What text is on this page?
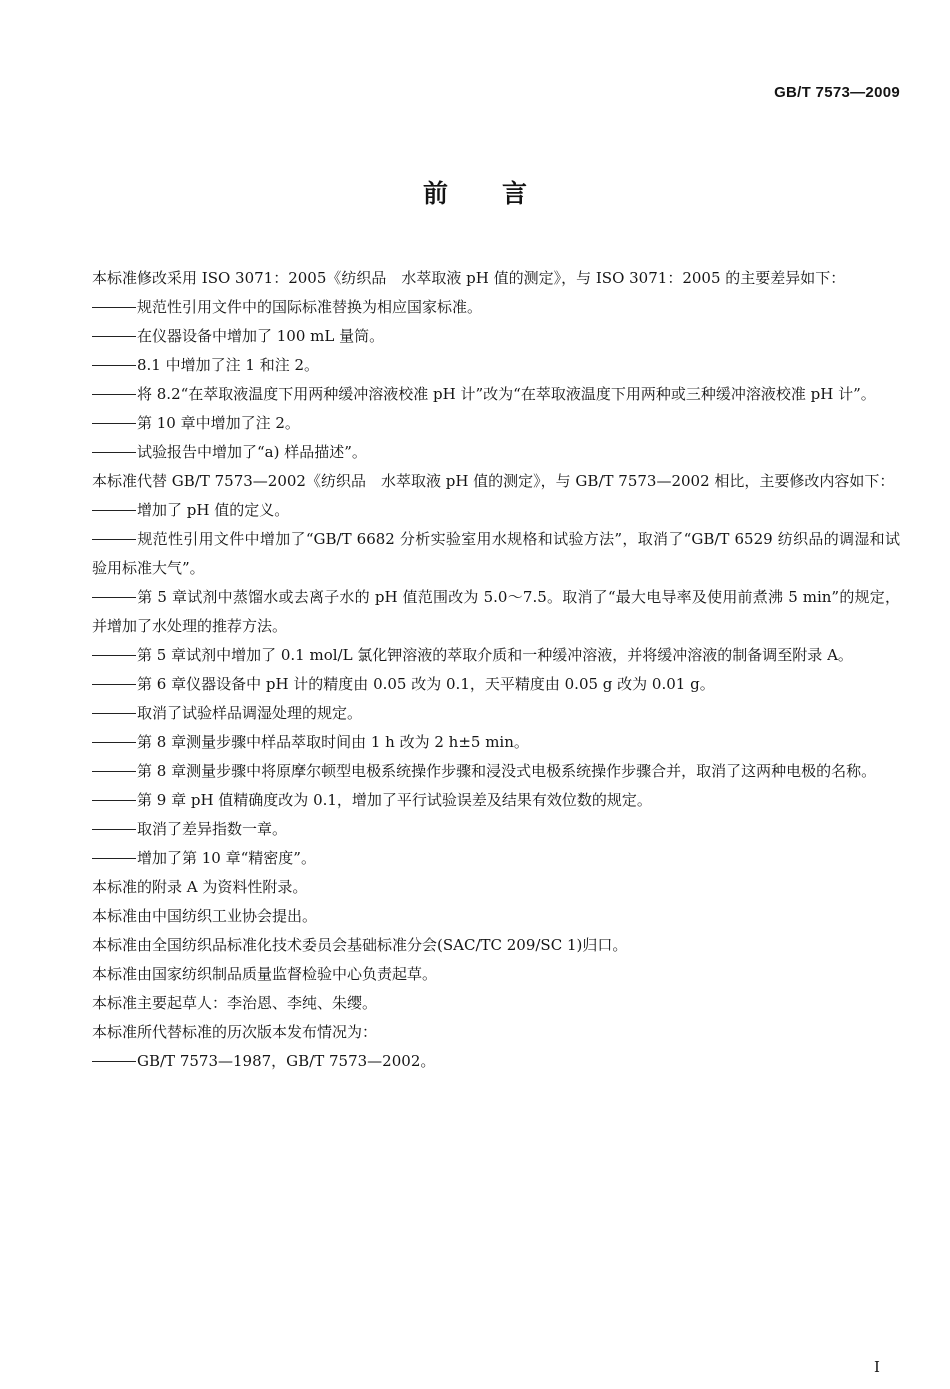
GB/T 7573—2009
前 言

本标准修改采用 ISO 3071：2005《纺织品　水萃取液 pH 值的测定》，与 ISO 3071：2005 的主要差异如下：

规范性引用文件中的国际标准替换为相应国家标准。

在仪器设备中增加了 100 mL 量筒。

8.1 中增加了注 1 和注 2。

将 8.2“在萃取液温度下用两种缓冲溶液校准 pH 计”改为“在萃取液温度下用两种或三种缓冲溶液校准 pH 计”。

第 10 章中增加了注 2。

试验报告中增加了“a) 样品描述”。

本标准代替 GB/T 7573—2002《纺织品　水萃取液 pH 值的测定》，与 GB/T 7573—2002 相比，主要修改内容如下：

增加了 pH 值的定义。

规范性引用文件中增加了“GB/T 6682 分析实验室用水规格和试验方法”，取消了“GB/T 6529 纺织品的调湿和试验用标准大气”。

第 5 章试剂中蒸馏水或去离子水的 pH 值范围改为 5.0～7.5。取消了“最大电导率及使用前煮沸 5 min”的规定，并增加了水处理的推荐方法。

第 5 章试剂中增加了 0.1 mol/L 氯化钾溶液的萃取介质和一种缓冲溶液，并将缓冲溶液的制备调至附录 A。

第 6 章仪器设备中 pH 计的精度由 0.05 改为 0.1，天平精度由 0.05 g 改为 0.01 g。

取消了试验样品调湿处理的规定。

第 8 章测量步骤中样品萃取时间由 1 h 改为 2 h±5 min。

第 8 章测量步骤中将原摩尔顿型电极系统操作步骤和浸没式电极系统操作步骤合并，取消了这两种电极的名称。

第 9 章 pH 值精确度改为 0.1，增加了平行试验误差及结果有效位数的规定。

取消了差异指数一章。

增加了第 10 章“精密度”。

本标准的附录 A 为资料性附录。

本标准由中国纺织工业协会提出。

本标准由全国纺织品标准化技术委员会基础标准分会(SAC/TC 209/SC 1)归口。

本标准由国家纺织制品质量监督检验中心负责起草。

本标准主要起草人：李治恩、李纯、朱缨。

本标准所代替标准的历次版本发布情况为：

GB/T 7573—1987，GB/T 7573—2002。

I
